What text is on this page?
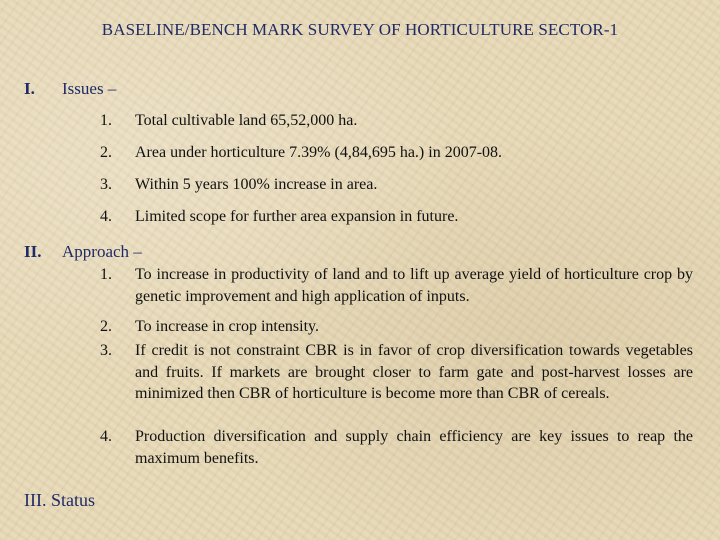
BASELINE/BENCH MARK SURVEY OF HORTICULTURE SECTOR-1
I. Issues –
1. Total cultivable land 65,52,000 ha.
2. Area under horticulture 7.39% (4,84,695 ha.) in 2007-08.
3. Within 5 years 100% increase in area.
4. Limited scope for further area expansion in future.
II. Approach –
1. To increase in productivity of land and to lift up average yield of horticulture crop by genetic improvement and high application of inputs.
2. To increase in crop intensity.
3. If credit is not constraint CBR is in favor of crop diversification towards vegetables and fruits. If markets are brought closer to farm gate and post-harvest losses are minimized then CBR of horticulture is become more than CBR of cereals.
4. Production diversification and supply chain efficiency are key issues to reap the maximum benefits.
III. Status
